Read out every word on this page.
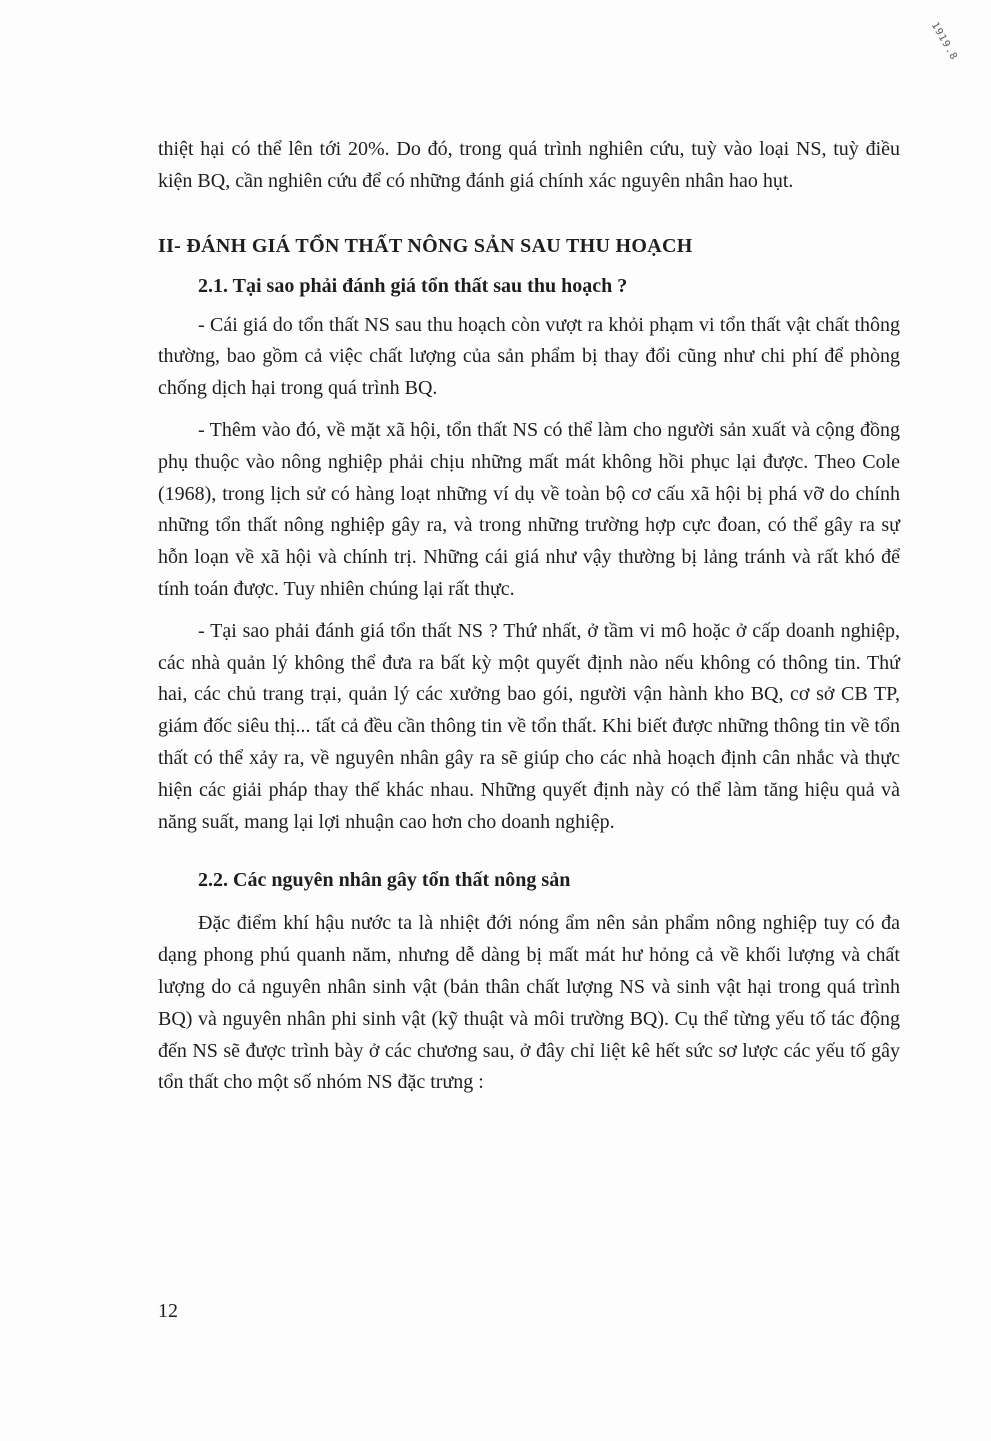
1919.8

thiệt hại có thể lên tới 20%. Do đó, trong quá trình nghiên cứu, tuỳ vào loại NS, tuỳ điều kiện BQ, cần nghiên cứu để có những đánh giá chính xác nguyên nhân hao hụt.

II- ĐÁNH GIÁ TỔN THẤT NÔNG SẢN SAU THU HOẠCH
2.1. Tại sao phải đánh giá tổn thất sau thu hoạch ?

- Cái giá do tổn thất NS sau thu hoạch còn vượt ra khỏi phạm vi tổn thất vật chất thông thường, bao gồm cả việc chất lượng của sản phẩm bị thay đổi cũng như chi phí để phòng chống dịch hại trong quá trình BQ.

- Thêm vào đó, về mặt xã hội, tổn thất NS có thể làm cho người sản xuất và cộng đồng phụ thuộc vào nông nghiệp phải chịu những mất mát không hồi phục lại được. Theo Cole (1968), trong lịch sử có hàng loạt những ví dụ về toàn bộ cơ cấu xã hội bị phá vỡ do chính những tổn thất nông nghiệp gây ra, và trong những trường hợp cực đoan, có thể gây ra sự hỗn loạn về xã hội và chính trị. Những cái giá như vậy thường bị lảng tránh và rất khó để tính toán được. Tuy nhiên chúng lại rất thực.

- Tại sao phải đánh giá tổn thất NS ? Thứ nhất, ở tầm vi mô hoặc ở cấp doanh nghiệp, các nhà quản lý không thể đưa ra bất kỳ một quyết định nào nếu không có thông tin. Thứ hai, các chủ trang trại, quản lý các xưởng bao gói, người vận hành kho BQ, cơ sở CB TP, giám đốc siêu thị... tất cả đều cần thông tin về tổn thất. Khi biết được những thông tin về tổn thất có thể xảy ra, về nguyên nhân gây ra sẽ giúp cho các nhà hoạch định cân nhắc và thực hiện các giải pháp thay thế khác nhau. Những quyết định này có thể làm tăng hiệu quả và năng suất, mang lại lợi nhuận cao hơn cho doanh nghiệp.

2.2. Các nguyên nhân gây tổn thất nông sản

Đặc điểm khí hậu nước ta là nhiệt đới nóng ẩm nên sản phẩm nông nghiệp tuy có đa dạng phong phú quanh năm, nhưng dễ dàng bị mất mát hư hỏng cả về khối lượng và chất lượng do cả nguyên nhân sinh vật (bản thân chất lượng NS và sinh vật hại trong quá trình BQ) và nguyên nhân phi sinh vật (kỹ thuật và môi trường BQ). Cụ thể từng yếu tố tác động đến NS sẽ được trình bày ở các chương sau, ở đây chỉ liệt kê hết sức sơ lược các yếu tố gây tổn thất cho một số nhóm NS đặc trưng :

12
